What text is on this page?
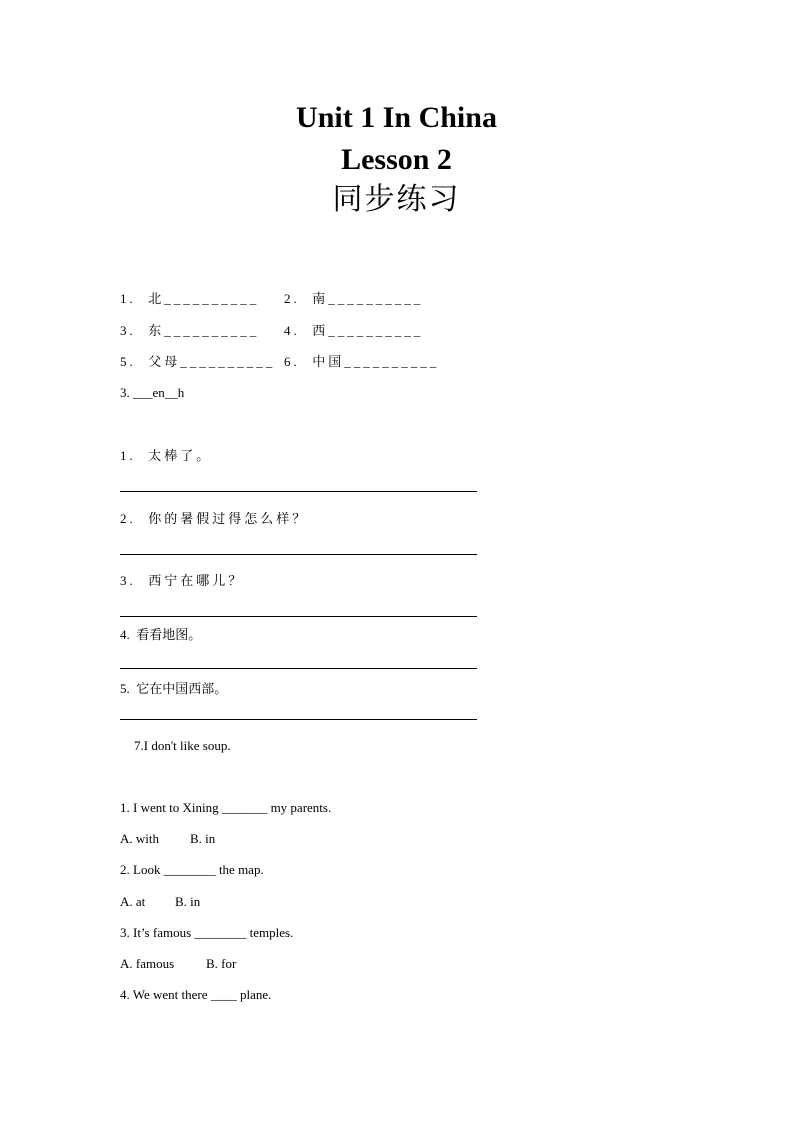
Unit 1 In China
Lesson 2
同步练习
1.  北__________ 2.  南__________
3.  东__________ 4.  西__________
5.  父母__________ 6.  中国__________
3. ___en__h
1.  太棒了。
2.  你的暑假过得怎么样？
3.  西宁在哪儿？
4.  看看地图。
5.  它在中国西部。
7.I don't like soup.
1. I went to Xining _______ my parents.
A. with B. in
2. Look ________ the map.
A. at B. in
3. It’s famous ________ temples.
A. famous B. for
4. We went there ____ plane.
